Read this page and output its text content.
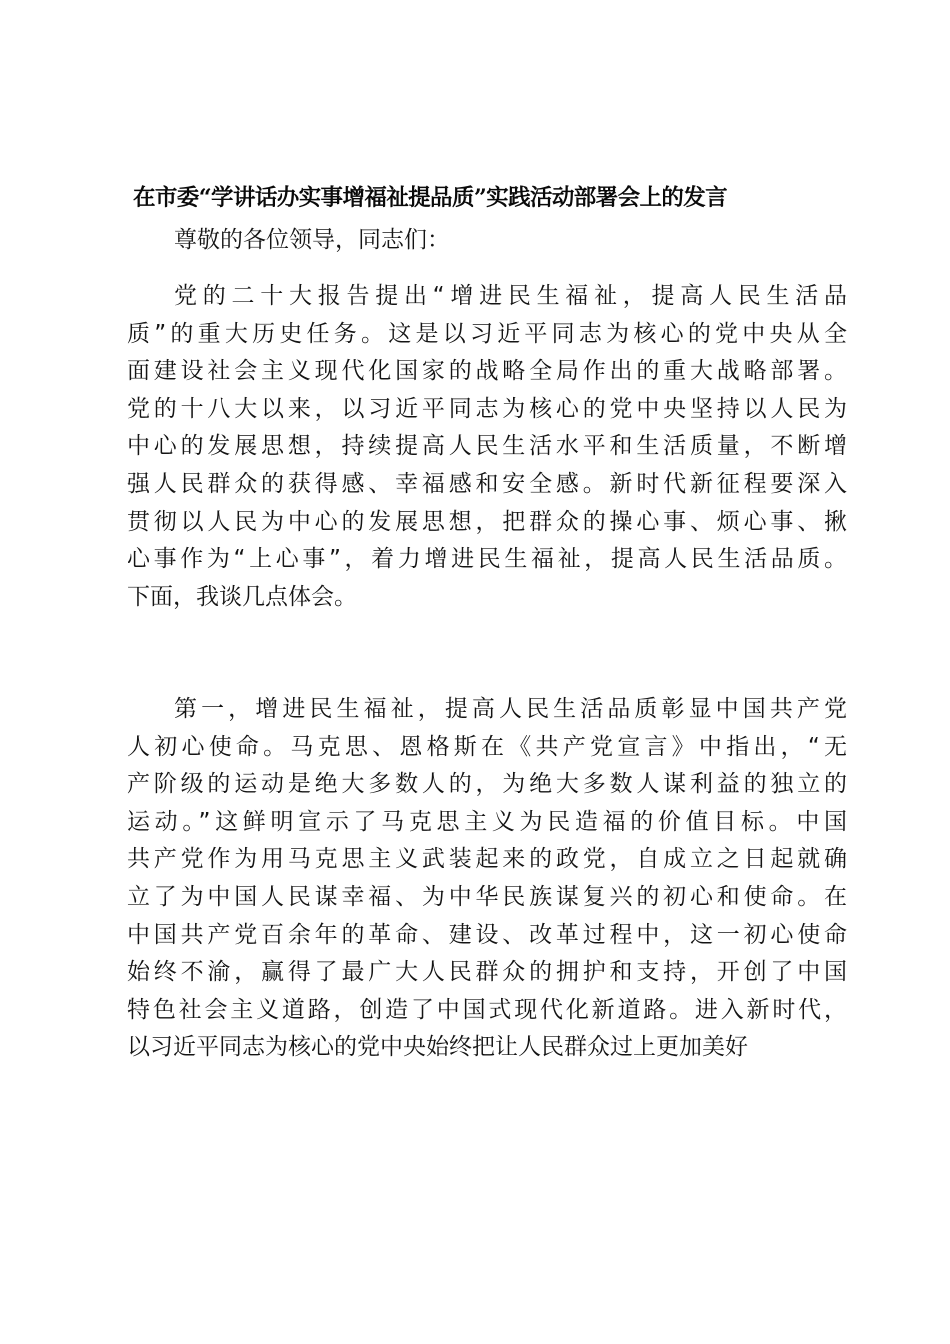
在市委“学讲话办实事增福祉提品质”实践活动部署会上的发言
尊敬的各位领导，同志们：
党的二十大报告提出“增进民生福祉，提高人民生活品
质”的重大历史任务。这是以习近平同志为核心的党中央从全
面建设社会主义现代化国家的战略全局作出的重大战略部署。
党的十八大以来，以习近平同志为核心的党中央坚持以人民为
中心的发展思想，持续提高人民生活水平和生活质量，不断增
强人民群众的获得感、幸福感和安全感。新时代新征程要深入
贯彻以人民为中心的发展思想，把群众的操心事、烦心事、揪
心事作为“上心事”，着力增进民生福祉，提高人民生活品质。
下面，我谈几点体会。
第一，增进民生福祉，提高人民生活品质彰显中国共产党
人初心使命。马克思、恩格斯在《共产党宣言》中指出，“无
产阶级的运动是绝大多数人的，为绝大多数人谋利益的独立的
运动。”这鲜明宣示了马克思主义为民造福的价值目标。中国
共产党作为用马克思主义武装起来的政党，自成立之日起就确
立了为中国人民谋幸福、为中华民族谋复兴的初心和使命。在
中国共产党百余年的革命、建设、改革过程中，这一初心使命
始终不渝，赢得了最广大人民群众的拥护和支持，开创了中国
特色社会主义道路，创造了中国式现代化新道路。进入新时代，
以习近平同志为核心的党中央始终把让人民群众过上更加美好
